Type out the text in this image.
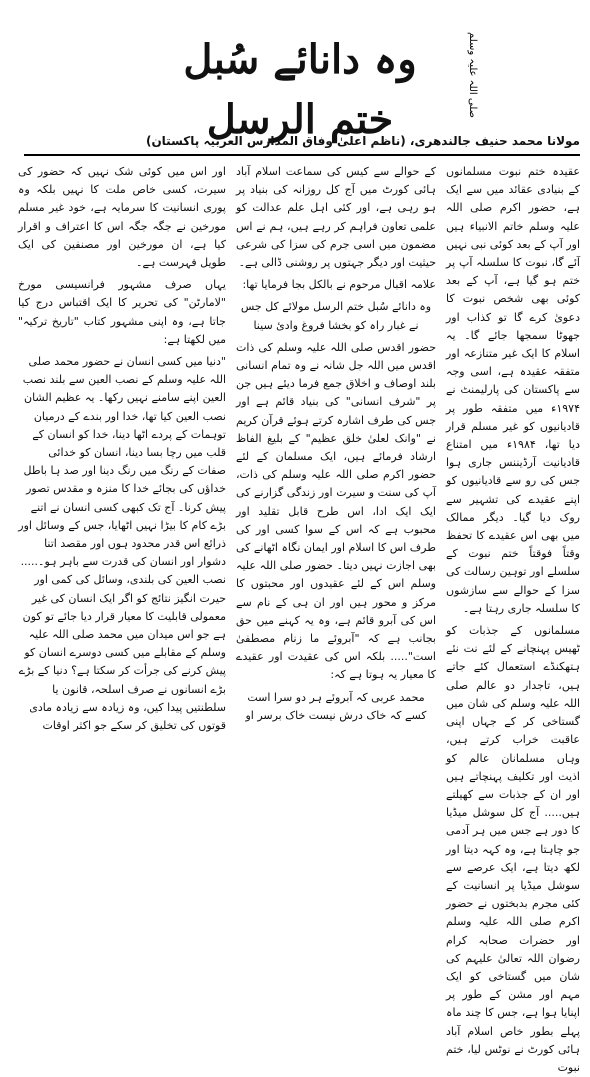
وہ دانائے سُبل ختم الرسل
صلی اللہ علیہ وسلم
مولانا محمد حنیف جالندھری، (ناظم اعلیٰ وفاق المدارس العربیہ پاکستان)

عقیدہ ختم نبوت مسلمانوں کے بنیادی عقائد میں سے ایک ہے، حضور اکرم صلی اللہ علیہ وسلم خاتم الانبیاء ہیں اور آپ کے بعد کوئی نبی نہیں آئے گا، نبوت کا سلسلہ آپ پر ختم ہو گیا ہے، آپ کے بعد کوئی بھی شخص نبوت کا دعویٰ کرے گا تو کذاب اور جھوٹا سمجھا جائے گا۔ یہ اسلام کا ایک غیر متنازعہ اور متفقہ عقیدہ ہے، اسی وجہ سے پاکستان کی پارلیمنٹ نے ۱۹۷۴ء میں متفقہ طور پر قادیانیوں کو غیر مسلم قرار دیا تھا، ۱۹۸۴ء میں امتناع قادیانیت آرڈیننس جاری ہوا جس کی رو سے قادیانیوں کو اپنے عقیدے کی تشہیر سے روک دیا گیا۔ دیگر ممالک میں بھی اس عقیدے کا تحفظ وقتاً فوقتاً ختم نبوت کے سلسلے اور توہین رسالت کی سزا کے حوالے سے سازشوں کا سلسلہ جاری رہتا ہے۔

مسلمانوں کے جذبات کو ٹھیس پہنچانے کے لئے نت نئے ہتھکنڈے استعمال کئے جاتے ہیں، تاجدار دو عالم صلی اللہ علیہ وسلم کی شان میں گستاخی کر کے جہاں اپنی عاقبت خراب کرتے ہیں، وہاں مسلمانان عالم کو اذیت اور تکلیف پہنچاتے ہیں اور ان کے جذبات سے کھیلتے ہیں..... آج کل سوشل میڈیا کا دور ہے جس میں ہر آدمی جو چاہتا ہے، وہ کہہ دیتا اور لکھ دیتا ہے، ایک عرصے سے سوشل میڈیا پر انسانیت کے کئی مجرم بدبختوں نے حضور اکرم صلی اللہ علیہ وسلم اور حضرات صحابہ کرام رضوان اللہ تعالیٰ علیہم کی شان میں گستاخی کو ایک مہم اور مشن کے طور پر اپنایا ہوا ہے، جس کا چند ماہ پہلے بطور خاص اسلام آباد ہائی کورٹ نے نوٹس لیا، ختم نبوت

کے حوالے سے کیس کی سماعت اسلام آباد ہائی کورٹ میں آج کل روزانہ کی بنیاد پر ہو رہی ہے، اور کئی اہل علم عدالت کو علمی تعاون فراہم کر رہے ہیں، ہم نے اس مضمون میں اسی جرم کی سزا کی شرعی حیثیت اور دیگر جہتوں پر روشنی ڈالی ہے۔

علامہ اقبال مرحوم نے بالکل بجا فرمایا تھا:

وہ دانائے سُبل ختم الرسل مولائے کل جس نے غبار راہ کو بخشا فروغ وادیٔ سینا

حضور اقدس صلی اللہ علیہ وسلم کی ذات اقدس میں اللہ جل شانہ نے وہ تمام انسانی بلند اوصاف و اخلاق جمع فرما دیئے ہیں جن پر "شرف انسانی" کی بنیاد قائم ہے اور جس کی طرف اشارہ کرتے ہوئے قرآن کریم نے "وانک لعلیٰ خلق عظیم" کے بلیغ الفاظ ارشاد فرمائے ہیں، ایک مسلمان کے لئے حضور اکرم صلی اللہ علیہ وسلم کی ذات، آپ کی سنت و سیرت اور زندگی گزارنے کی ایک ایک ادا، اس طرح قابل تقلید اور محبوب ہے کہ اس کے سوا کسی اور کی طرف اس کا اسلام اور ایمان نگاہ اٹھانے کی بھی اجازت نہیں دیتا۔ حضور صلی اللہ علیہ وسلم اس کے لئے عقیدوں اور محبتوں کا مرکز و محور ہیں اور ان ہی کے نام سے اس کی آبرو قائم ہے، وہ یہ کہنے میں حق بجانب ہے کہ "آبروئے ما زنام مصطفیٰ است"..... بلکہ اس کی عقیدت اور عقیدے کا معیار یہ ہوتا ہے کہ:

محمد عربی کہ آبروئے ہر دو سرا است کسے کہ خاک درش نیست خاک برسر او

اور اس میں کوئی شک نہیں کہ حضور کی سیرت، کسی خاص ملت کا نہیں بلکہ وہ پوری انسانیت کا سرمایہ ہے، خود غیر مسلم مورخین نے جگہ جگہ اس کا اعتراف و اقرار کیا ہے، ان مورخین اور مصنفین کی ایک طویل فہرست ہے۔

یہاں صرف مشہور فرانسیسی مورخ "لامارٹن" کی تحریر کا ایک اقتباس درج کیا جاتا ہے، وہ اپنی مشہور کتاب "تاریخ ترکیہ" میں لکھتا ہے:

"دنیا میں کسی انسان نے حضور محمد صلی اللہ علیہ وسلم کے نصب العین سے بلند نصب العین اپنے سامنے نہیں رکھا۔ یہ عظیم الشان نصب العین کیا تھا، خدا اور بندے کے درمیان توہمات کے پردے اٹھا دینا، خدا کو انسان کے قلب میں رچا بسا دینا، انسان کو خدائی صفات کے رنگ میں رنگ دینا اور صد ہا باطل خداؤں کی بجائے خدا کا منزہ و مقدس تصور پیش کرنا۔ آج تک کبھی کسی انسان نے اتنے بڑے کام کا بیڑا نہیں اٹھایا، جس کے وسائل اور ذرائع اس قدر محدود ہوں اور مقصد اتنا دشوار اور انسان کی قدرت سے باہر ہو۔..... نصب العین کی بلندی، وسائل کی کمی اور حیرت انگیز نتائج کو اگر ایک انسان کی غیر معمولی قابلیت کا معیار قرار دیا جائے تو کون ہے جو اس میدان میں محمد صلی اللہ علیہ وسلم کے مقابلے میں کسی دوسرے انسان کو پیش کرنے کی جرأت کر سکتا ہے؟ دنیا کے بڑے بڑے انسانوں نے صرف اسلحہ، قانون یا سلطنتیں پیدا کیں، وہ زیادہ سے زیادہ مادی قوتوں کی تخلیق کر سکے جو اکثر اوقات
